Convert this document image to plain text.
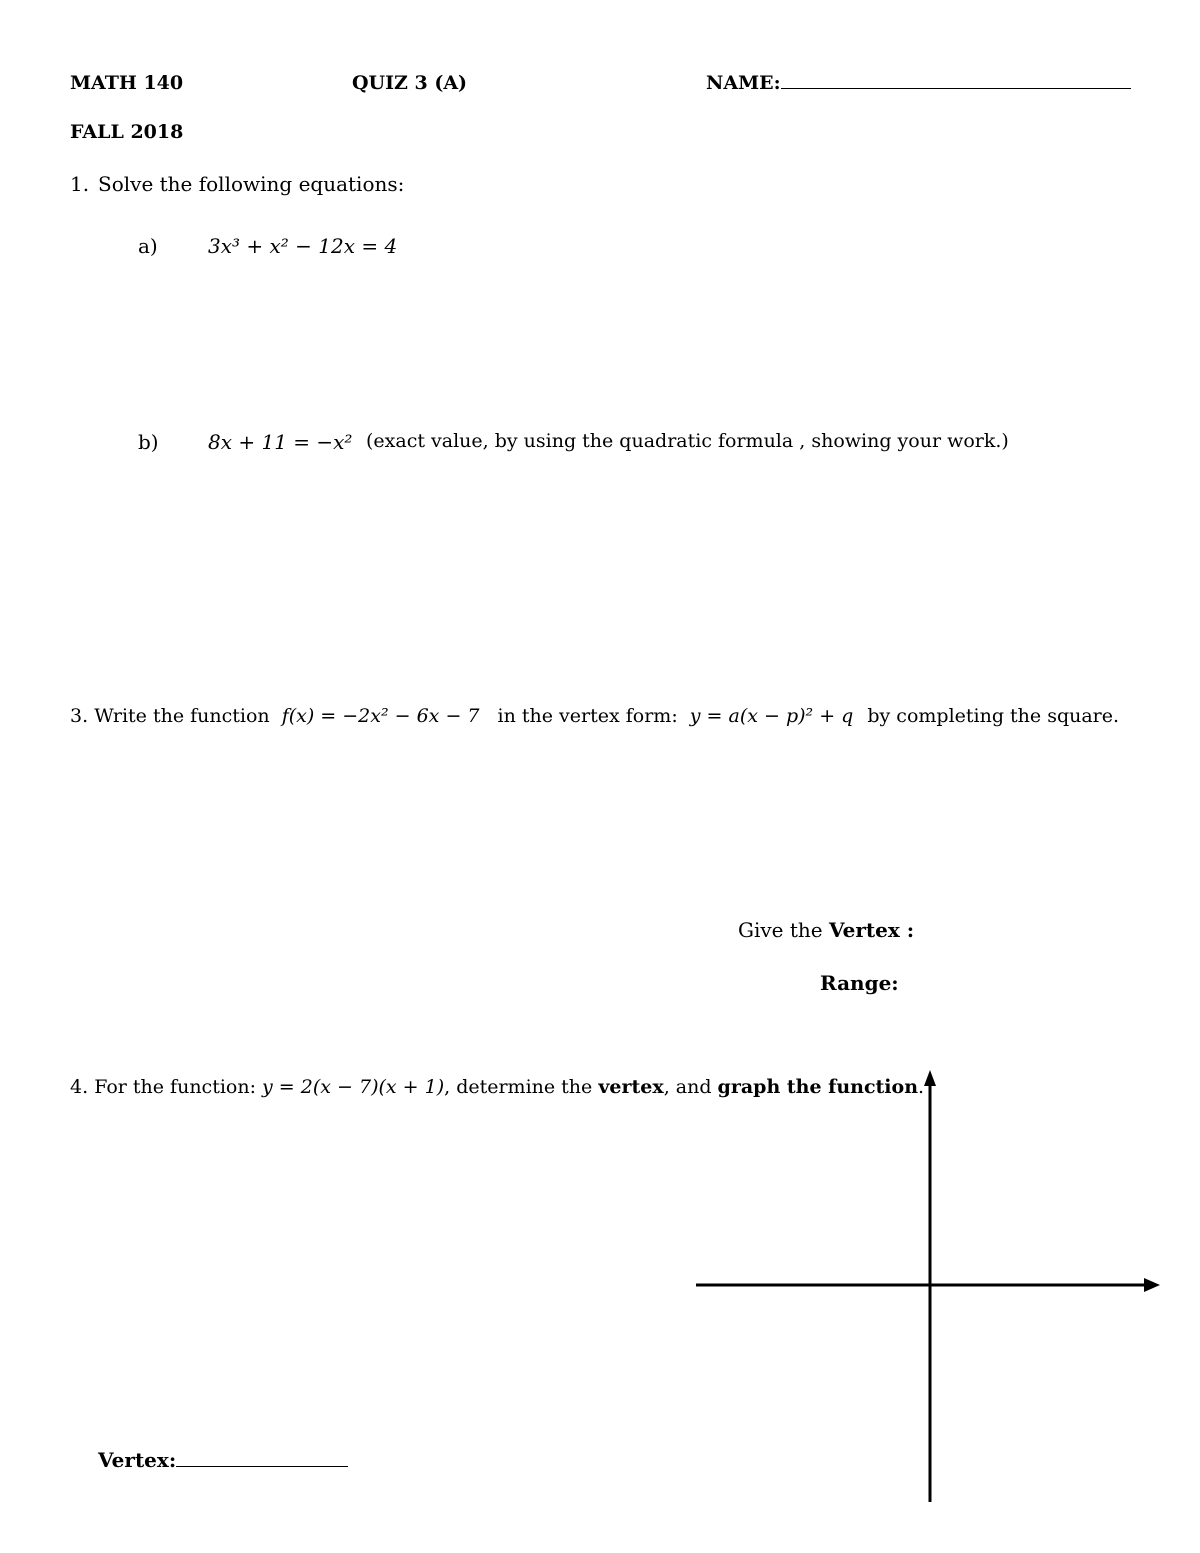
MATH 140	QUIZ 3 (A)	NAME:
FALL 2018
1. Solve the following equations:
a)	3x³ + x² − 12x = 4
b) 8x + 11 = −x² (exact value, by using the quadratic formula , showing your work.)
3. Write the function f(x) = −2x² − 6x − 7 in the vertex form: y = a(x − p)² + q by completing the square.
Give the Vertex :
Range:
4. For the function: y = 2(x − 7)(x + 1), determine the vertex, and graph the function.
Vertex:
